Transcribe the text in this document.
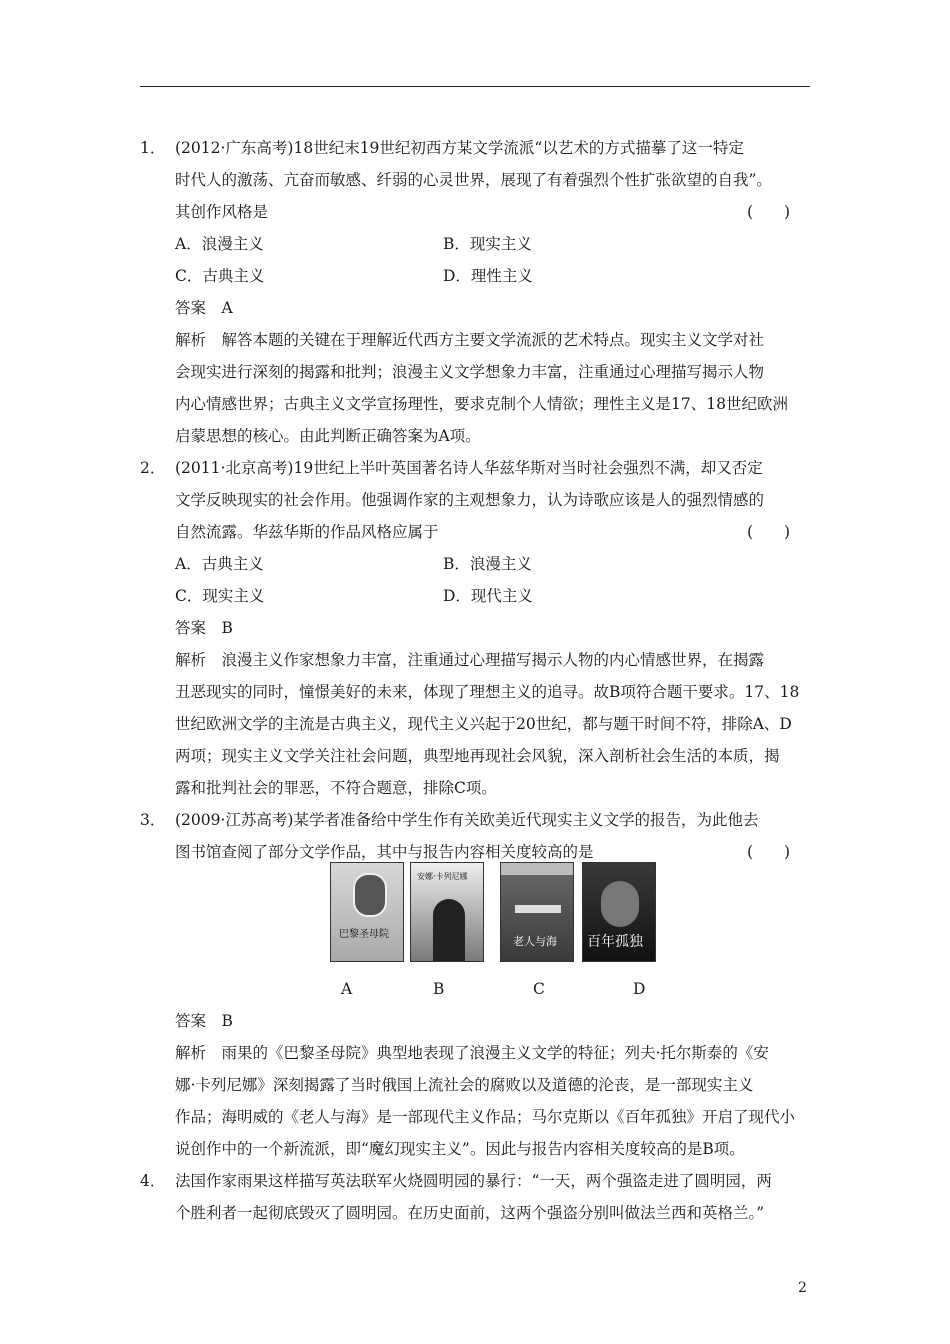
1． (2012·广东高考)18世纪末19世纪初西方某文学流派“以艺术的方式描摹了这一特定
时代人的激荡、亢奋而敏感、纤弱的心灵世界，展现了有着强烈个性扩张欲望的自我”。
其创作风格是	(　　)
A．浪漫主义	B．现实主义
C．古典主义	D．理性主义
答案　A
解析　解答本题的关键在于理解近代西方主要文学流派的艺术特点。现实主义文学对社
会现实进行深刻的揭露和批判；浪漫主义文学想象力丰富，注重通过心理描写揭示人物
内心情感世界；古典主义文学宣扬理性，要求克制个人情欲；理性主义是17、18世纪欧洲
启蒙思想的核心。由此判断正确答案为A项。
2． (2011·北京高考)19世纪上半叶英国著名诗人华兹华斯对当时社会强烈不满，却又否定
文学反映现实的社会作用。他强调作家的主观想象力，认为诗歌应该是人的强烈情感的
自然流露。华兹华斯的作品风格应属于	(　　)
A．古典主义	B．浪漫主义
C．现实主义	D．现代主义
答案　B
解析　浪漫主义作家想象力丰富，注重通过心理描写揭示人物的内心情感世界，在揭露
丑恶现实的同时，憧憬美好的未来，体现了理想主义的追寻。故B项符合题干要求。17、18
世纪欧洲文学的主流是古典主义，现代主义兴起于20世纪，都与题干时间不符，排除A、D
两项；现实主义文学关注社会问题，典型地再现社会风貌，深入剖析社会生活的本质，揭
露和批判社会的罪恶，不符合题意，排除C项。
3． (2009·江苏高考)某学者准备给中学生作有关欧美近代现实主义文学的报告，为此他去
图书馆查阅了部分文学作品，其中与报告内容相关度较高的是	(　　)
巴黎圣母院
安娜·卡列尼娜
老人与海 百年孤独
A	B	C	D
答案　B
解析　雨果的《巴黎圣母院》典型地表现了浪漫主义文学的特征；列夫·托尔斯泰的《安
娜·卡列尼娜》深刻揭露了当时俄国上流社会的腐败以及道德的沦丧，是一部现实主义
作品；海明威的《老人与海》是一部现代主义作品；马尔克斯以《百年孤独》开启了现代小
说创作中的一个新流派，即“魔幻现实主义”。因此与报告内容相关度较高的是B项。
4． 法国作家雨果这样描写英法联军火烧圆明园的暴行：“一天，两个强盗走进了圆明园，两
个胜利者一起彻底毁灭了圆明园。在历史面前，这两个强盗分别叫做法兰西和英格兰。”
2
